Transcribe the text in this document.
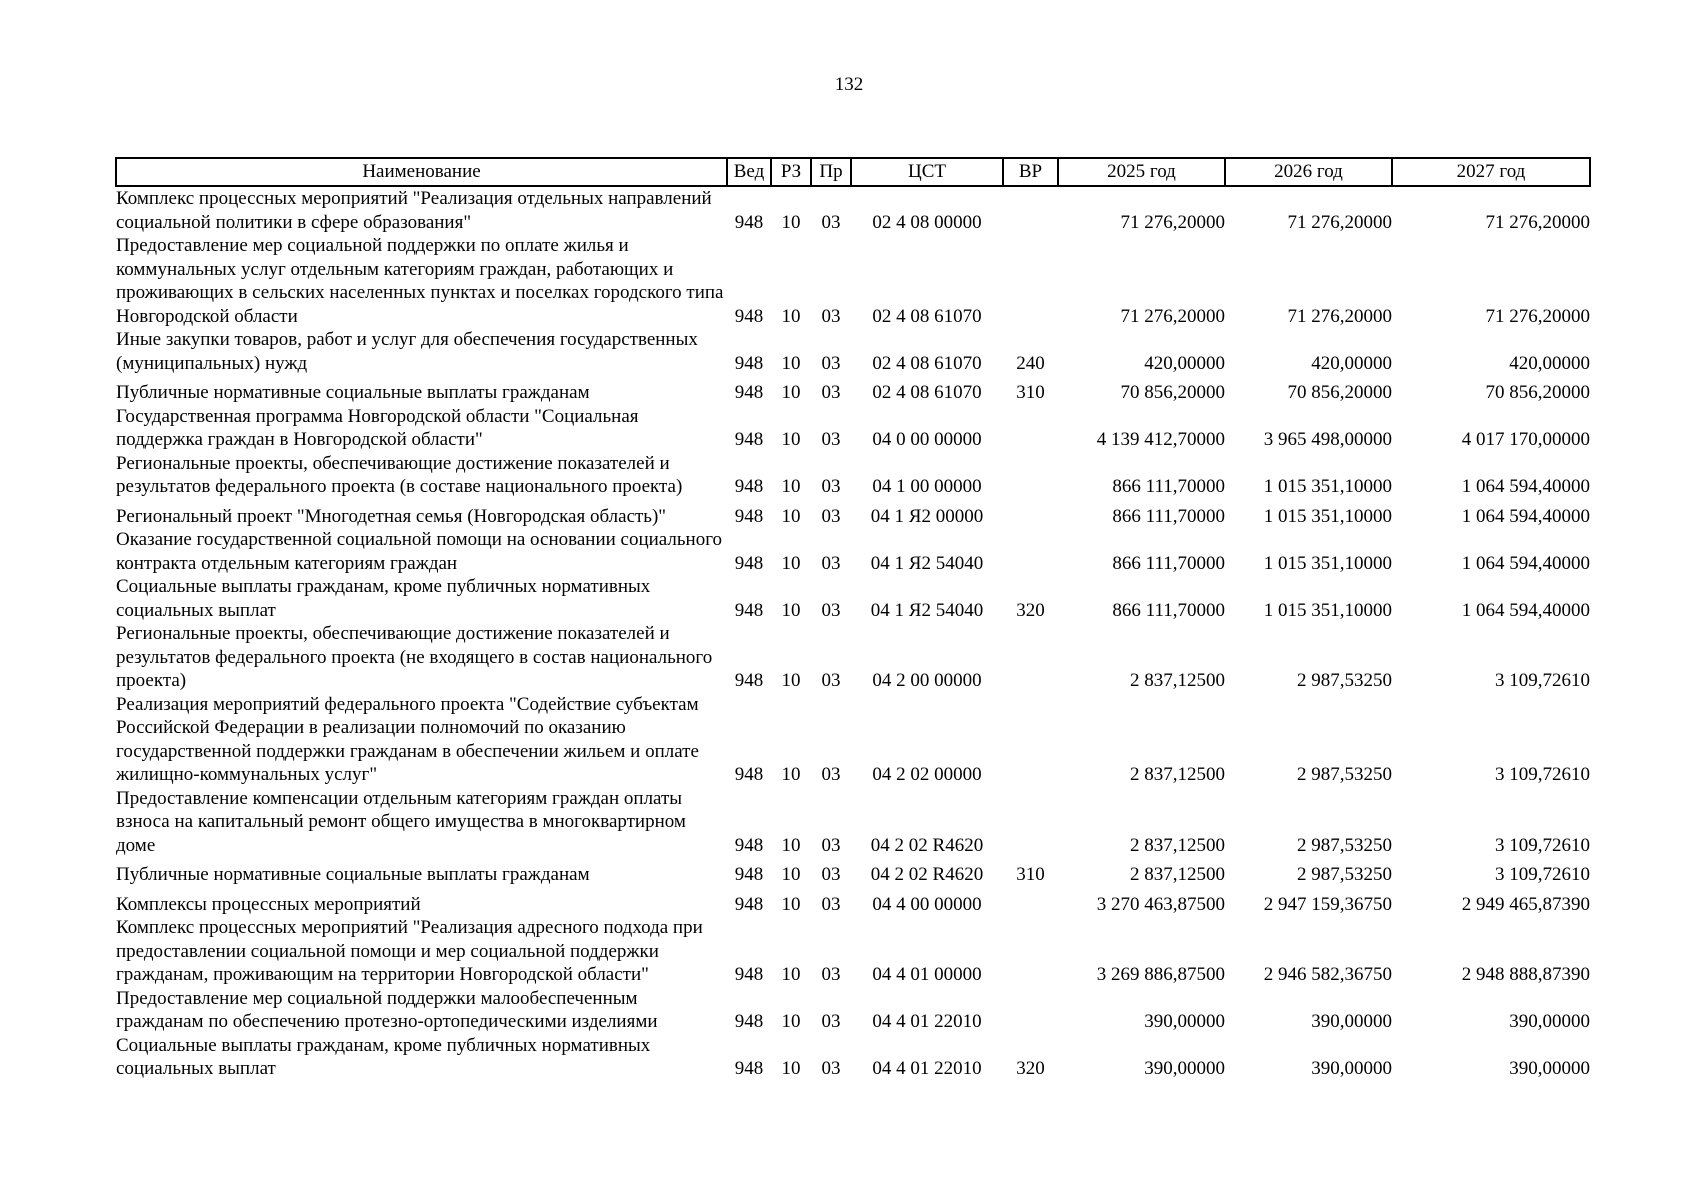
132
Наименование	Вед	РЗ	Пр	ЦСТ	ВР	2025 год	2026 год	2027 год
Комплекс процессных мероприятий "Реализация отдельных направлений социальной политики в сфере образования"	948	10	03	02 4 08 00000		71 276,20000	71 276,20000	71 276,20000
Предоставление мер социальной поддержки по оплате жилья и коммунальных услуг отдельным категориям граждан, работающих и проживающих в сельских населенных пунктах и поселках городского типа Новгородской области	948	10	03	02 4 08 61070		71 276,20000	71 276,20000	71 276,20000
Иные закупки товаров, работ и услуг для обеспечения государственных (муниципальных) нужд	948	10	03	02 4 08 61070	240	420,00000	420,00000	420,00000
Публичные нормативные социальные выплаты гражданам	948	10	03	02 4 08 61070	310	70 856,20000	70 856,20000	70 856,20000
Государственная программа Новгородской области "Социальная поддержка граждан в Новгородской области"	948	10	03	04 0 00 00000		4 139 412,70000	3 965 498,00000	4 017 170,00000
Региональные проекты, обеспечивающие достижение показателей и результатов федерального проекта (в составе национального проекта)	948	10	03	04 1 00 00000		866 111,70000	1 015 351,10000	1 064 594,40000
Региональный проект "Многодетная семья (Новгородская область)"	948	10	03	04 1 Я2 00000		866 111,70000	1 015 351,10000	1 064 594,40000
Оказание государственной социальной помощи на основании социального контракта отдельным категориям граждан	948	10	03	04 1 Я2 54040		866 111,70000	1 015 351,10000	1 064 594,40000
Социальные выплаты гражданам, кроме публичных нормативных социальных выплат	948	10	03	04 1 Я2 54040	320	866 111,70000	1 015 351,10000	1 064 594,40000
Региональные проекты, обеспечивающие достижение показателей и результатов федерального проекта (не входящего в состав национального проекта)	948	10	03	04 2 00 00000		2 837,12500	2 987,53250	3 109,72610
Реализация мероприятий федерального проекта "Содействие субъектам Российской Федерации в реализации полномочий по оказанию государственной поддержки гражданам в обеспечении жильем и оплате жилищно-коммунальных услуг"	948	10	03	04 2 02 00000		2 837,12500	2 987,53250	3 109,72610
Предоставление компенсации отдельным категориям граждан оплаты взноса на капитальный ремонт общего имущества в многоквартирном доме	948	10	03	04 2 02 R4620		2 837,12500	2 987,53250	3 109,72610
Публичные нормативные социальные выплаты гражданам	948	10	03	04 2 02 R4620	310	2 837,12500	2 987,53250	3 109,72610
Комплексы процессных мероприятий	948	10	03	04 4 00 00000		3 270 463,87500	2 947 159,36750	2 949 465,87390
Комплекс процессных мероприятий "Реализация адресного подхода при предоставлении социальной помощи и мер социальной поддержки гражданам, проживающим на территории Новгородской области"	948	10	03	04 4 01 00000		3 269 886,87500	2 946 582,36750	2 948 888,87390
Предоставление мер социальной поддержки малообеспеченным гражданам по обеспечению протезно-ортопедическими изделиями	948	10	03	04 4 01 22010		390,00000	390,00000	390,00000
Социальные выплаты гражданам, кроме публичных нормативных социальных выплат	948	10	03	04 4 01 22010	320	390,00000	390,00000	390,00000
